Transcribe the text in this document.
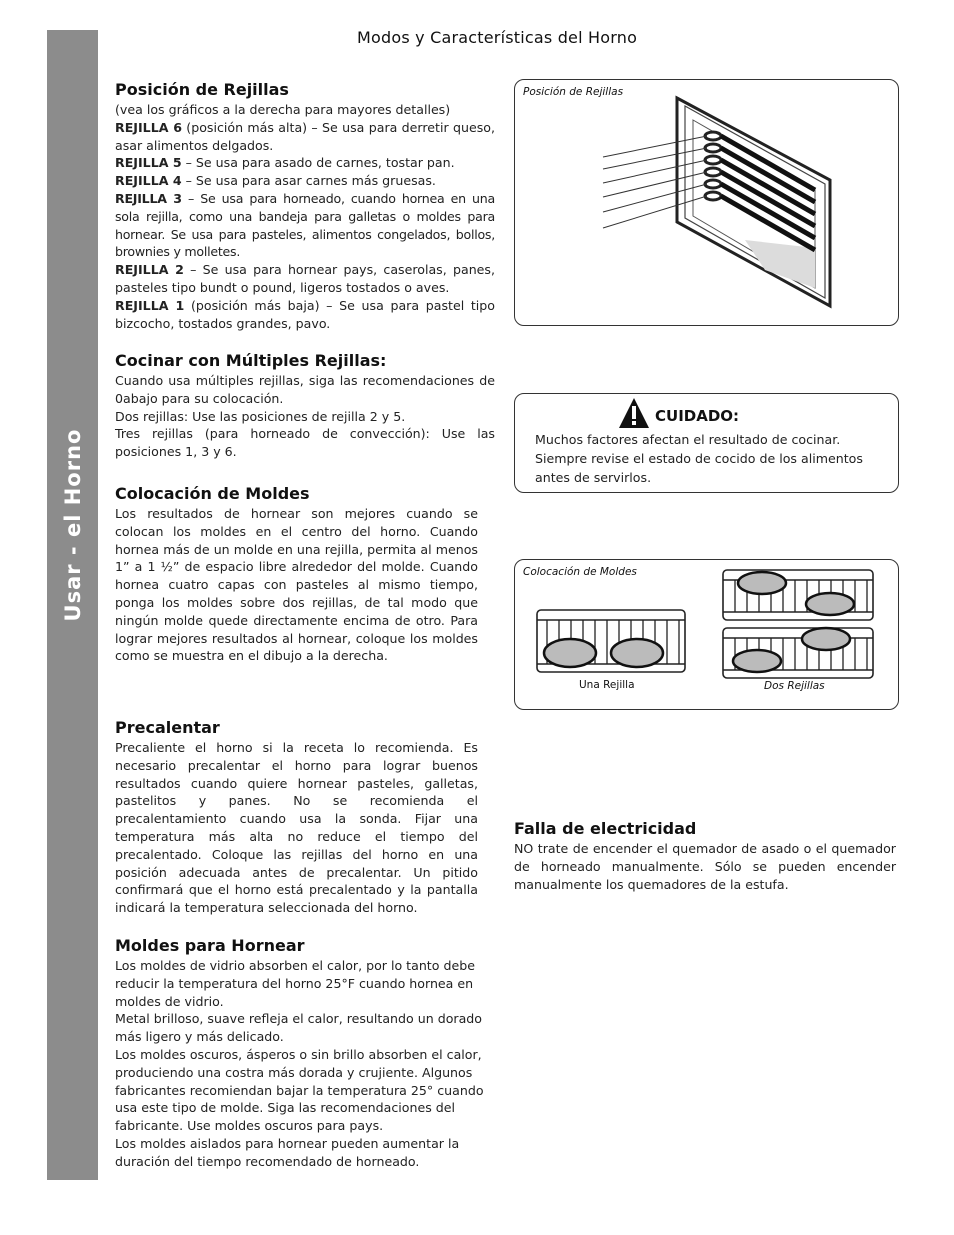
Usar - el Horno
Modos y Características del Horno
Posición de Rejillas

(vea los gráficos a la derecha para mayores detalles)

REJILLA 6 (posición más alta) – Se usa para derretir queso, asar alimentos delgados.

REJILLA 5 – Se usa para asado de carnes, tostar pan.

REJILLA 4 – Se usa para asar carnes más gruesas.

REJILLA 3 – Se usa para horneado, cuando hornea en una sola rejilla, como una bandeja para galletas o moldes para hornear. Se usa para pasteles, alimentos congelados, bollos, brownies y molletes.

REJILLA 2 – Se usa para hornear pays, caserolas, panes, pasteles tipo bundt o pound, ligeros tostados o aves.

REJILLA 1 (posición más baja) – Se usa para pastel tipo bizcocho, tostados grandes, pavo.

Cocinar con Múltiples Rejillas:

Cuando usa múltiples rejillas, siga las recomendaciones de 0abajo para su colocación.

Dos rejillas: Use las posiciones de rejilla 2 y 5.

Tres rejillas (para horneado de convección): Use las posiciones 1, 3 y 6.

Colocación de Moldes
Los resultados de hornear son mejores cuando se colocan los moldes en el centro del horno. Cuando hornea más de un molde en una rejilla, permita al menos 1” a 1 ½” de espacio libre alrededor del molde. Cuando hornea cuatro capas con pasteles al mismo tiempo, ponga los moldes sobre dos rejillas, de tal modo que ningún molde quede directamente encima de otro. Para lograr mejores resultados al hornear, coloque los moldes como se muestra en el dibujo a la derecha.
Precalentar
Precaliente el horno si la receta lo recomienda. Es necesario precalentar el horno para lograr buenos resultados cuando quiere hornear pasteles, galletas, pastelitos y panes. No se recomienda el precalentamiento cuando usa la sonda. Fijar una temperatura más alta no reduce el tiempo del precalentado. Coloque las rejillas del horno en una posición adecuada antes de precalentar. Un pitido confirmará que el horno está precalentado y la pantalla indicará la temperatura seleccionada del horno.
Moldes para Hornear

Los moldes de vidrio absorben el calor, por lo tanto debe reducir la temperatura del horno 25°F cuando hornea en moldes de vidrio.

Metal brilloso, suave refleja el calor, resultando un dorado más ligero y más delicado.

Los moldes oscuros, ásperos o sin brillo absorben el calor, produciendo una costra más dorada y crujiente. Algunos fabricantes recomiendan bajar la temperatura 25° cuando usa este tipo de molde. Siga las recomendaciones del fabricante. Use moldes oscuros para pays.

Los moldes aislados para hornear pueden aumentar la duración del tiempo recomendado de horneado.

Posición de Rejillas
CUIDADO:
Muchos factores afectan el resultado de cocinar. Siempre revise el estado de cocido de los alimentos antes de servirlos.
Colocación de Moldes
Una Rejilla	Dos Rejillas
Falla de electricidad
NO trate de encender el quemador de asado o el quemador de horneado manualmente. Sólo se pueden encender manualmente los quemadores de la estufa.
